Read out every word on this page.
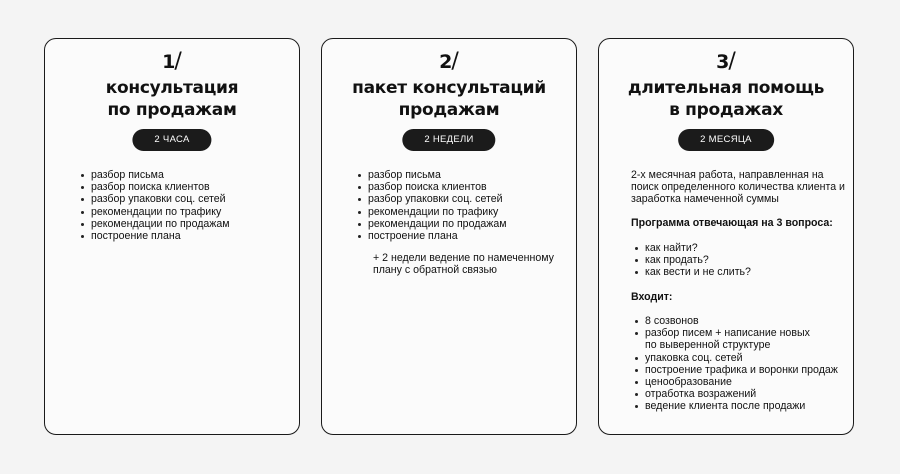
1/
консультация
по продажам
2 ЧАСА
разбор письма
разбор поиска клиентов
разбор упаковки соц. сетей
рекомендации по трафику
рекомендации по продажам
построение плана
2/
пакет консультаций
продажам
2 НЕДЕЛИ
разбор письма
разбор поиска клиентов
разбор упаковки соц. сетей
рекомендации по трафику
рекомендации по продажам
построение плана

+ 2 недели ведение по намеченному плану с обратной связью

3/
длительная помощь
в продажах
2 МЕСЯЦА

2-х месячная работа, направленная на поиск определенного количества клиента и заработка намеченной суммы

Программа отвечающая на 3 вопроса:

как найти?
как продать?
как вести и не слить?

Входит:

8 созвонов
разбор писем + написание новых
по выверенной структуре
упаковка соц. сетей
построение трафика и воронки продаж
ценообразование
отработка возражений
ведение клиента после продажи
